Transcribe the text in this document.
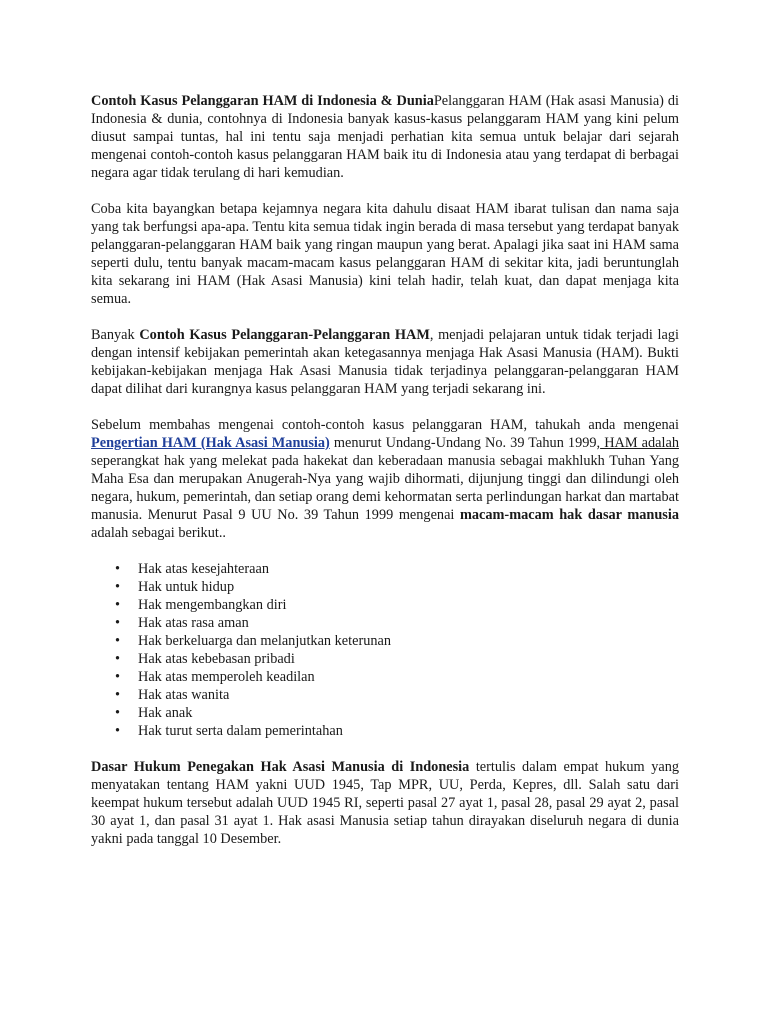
Contoh Kasus Pelanggaran HAM di Indonesia & DuniaPelanggaran HAM (Hak asasi Manusia) di Indonesia & dunia, contohnya di Indonesia banyak kasus-kasus pelanggaram HAM yang kini pelum diusut sampai tuntas, hal ini tentu saja menjadi perhatian kita semua untuk belajar dari sejarah mengenai contoh-contoh kasus pelanggaran HAM baik itu di Indonesia atau yang terdapat di berbagai negara agar tidak terulang di hari kemudian.

Coba kita bayangkan betapa kejamnya negara kita dahulu disaat HAM ibarat tulisan dan nama saja yang tak berfungsi apa-apa. Tentu kita semua tidak ingin berada di masa tersebut yang terdapat banyak pelanggaran-pelanggaran HAM baik yang ringan maupun yang berat. Apalagi jika saat ini HAM sama seperti dulu, tentu banyak macam-macam kasus pelanggaran HAM di sekitar kita, jadi beruntunglah kita sekarang ini HAM (Hak Asasi Manusia) kini telah hadir, telah kuat, dan dapat menjaga kita semua.

Banyak Contoh Kasus Pelanggaran-Pelanggaran HAM, menjadi pelajaran untuk tidak terjadi lagi dengan intensif kebijakan pemerintah akan ketegasannya menjaga Hak Asasi Manusia (HAM). Bukti kebijakan-kebijakan menjaga Hak Asasi Manusia tidak terjadinya pelanggaran-pelanggaran HAM dapat dilihat dari kurangnya kasus pelanggaran HAM yang terjadi sekarang ini.

Sebelum membahas mengenai contoh-contoh kasus pelanggaran HAM, tahukah anda mengenai Pengertian HAM (Hak Asasi Manusia) menurut Undang-Undang No. 39 Tahun 1999, HAM adalah seperangkat hak yang melekat pada hakekat dan keberadaan manusia sebagai makhlukh Tuhan Yang Maha Esa dan merupakan Anugerah-Nya yang wajib dihormati, dijunjung tinggi dan dilindungi oleh negara, hukum, pemerintah, dan setiap orang demi kehormatan serta perlindungan harkat dan martabat manusia. Menurut Pasal 9 UU No. 39 Tahun 1999 mengenai macam-macam hak dasar manusia adalah sebagai berikut..

• Hak atas kesejahteraan
• Hak untuk hidup
• Hak mengembangkan diri
• Hak atas rasa aman
• Hak berkeluarga dan melanjutkan keterunan
• Hak atas kebebasan pribadi
• Hak atas memperoleh keadilan
• Hak atas wanita
• Hak anak
• Hak turut serta dalam pemerintahan

Dasar Hukum Penegakan Hak Asasi Manusia di Indonesia tertulis dalam empat hukum yang menyatakan tentang HAM yakni UUD 1945, Tap MPR, UU, Perda, Kepres, dll. Salah satu dari keempat hukum tersebut adalah UUD 1945 RI, seperti pasal 27 ayat 1, pasal 28, pasal 29 ayat 2, pasal 30 ayat 1, dan pasal 31 ayat 1. Hak asasi Manusia setiap tahun dirayakan diseluruh negara di dunia yakni pada tanggal 10 Desember.
